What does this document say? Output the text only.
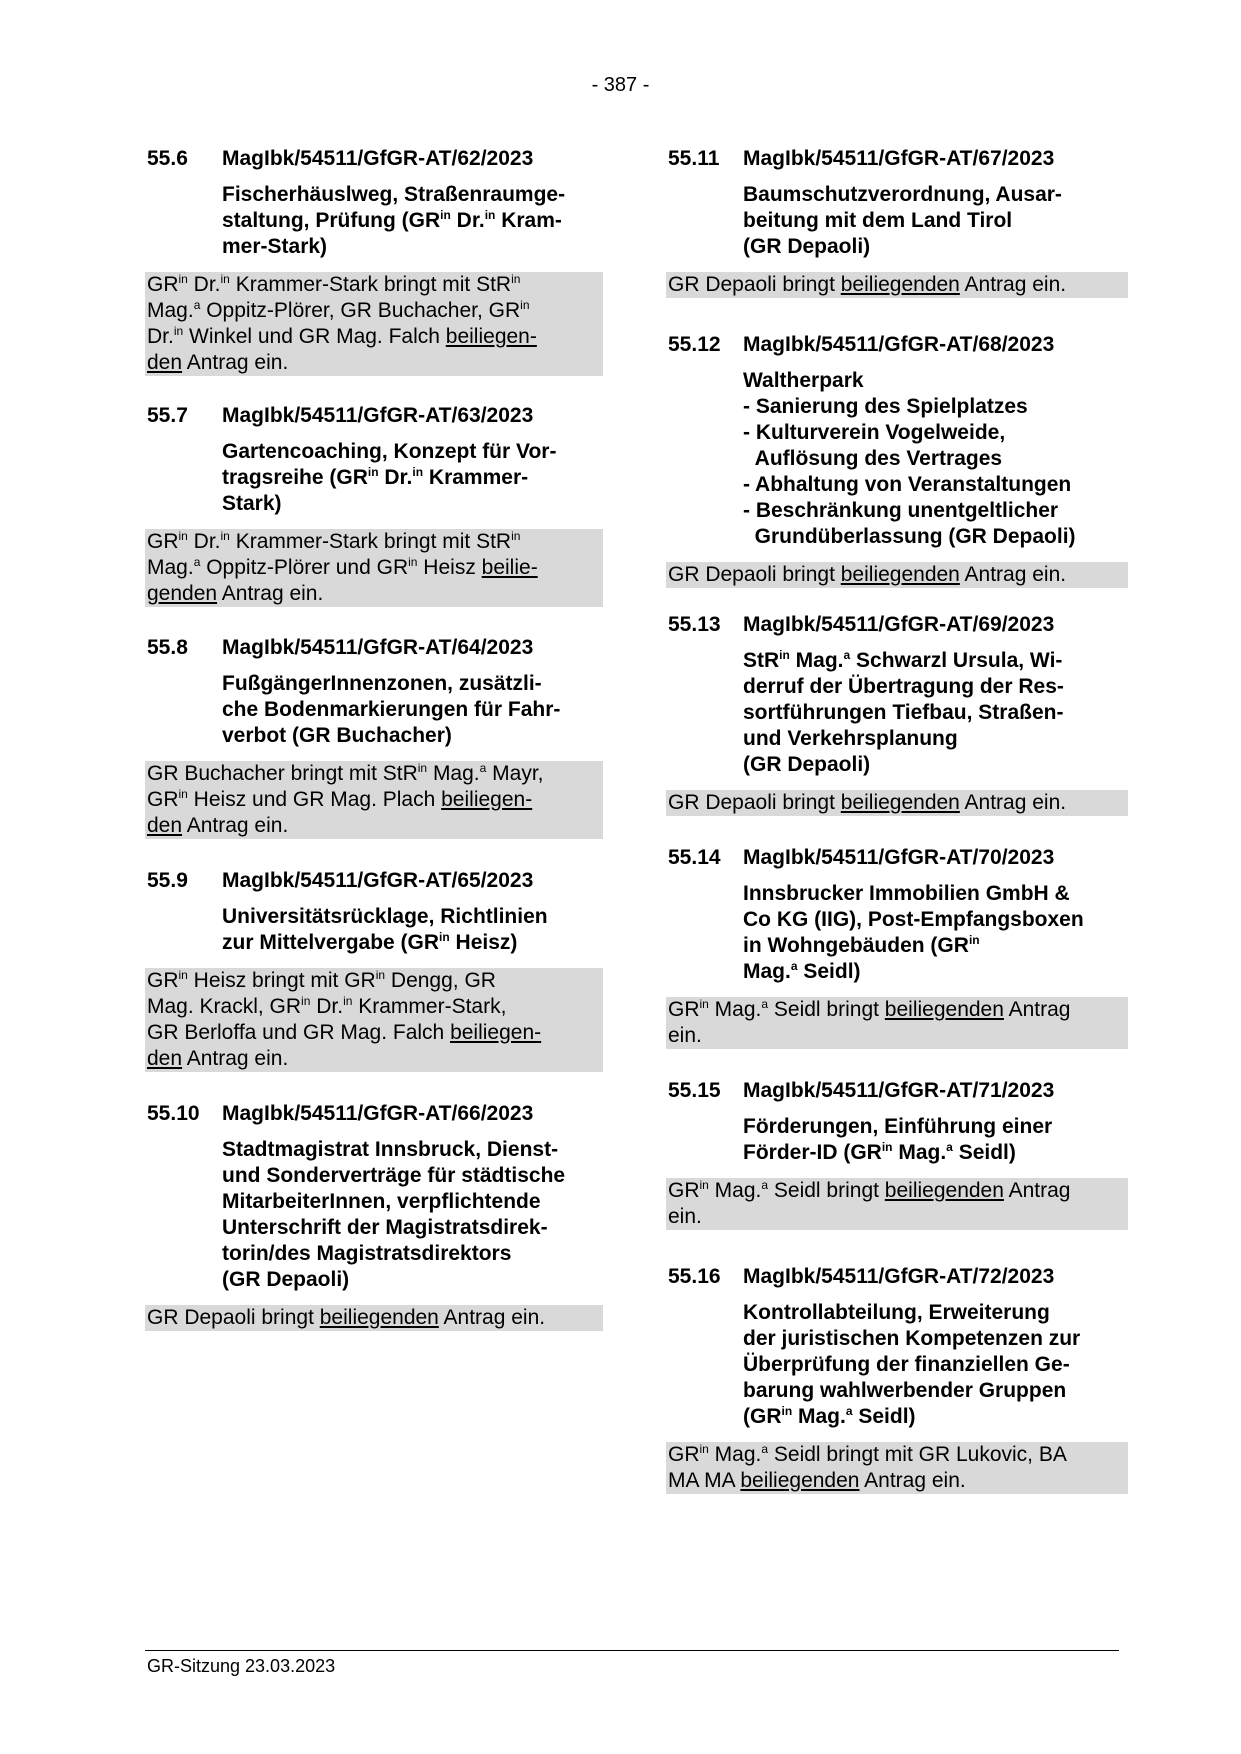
- 387 -
55.6	MagIbk/54511/GfGR-AT/62/2023
Fischerhäuslweg, Straßenraumge-
staltung, Prüfung ($GR^{in}$ Dr.$^{in}$ Kram-
mer-Stark)
$GR^{in}$ Dr.$^{in}$ Krammer-Stark bringt mit StR$^{in}$
Mag.$^a$ Oppitz-Plörer, GR Buchacher, $GR^{in}$
Dr.$^{in}$ Winkel und GR Mag. Falch beiliegen-
den Antrag ein.
55.7	MagIbk/54511/GfGR-AT/63/2023
Gartencoaching, Konzept für Vor-
tragsreihe ($GR^{in}$ Dr.$^{in}$ Krammer-
Stark)
$GR^{in}$ Dr.$^{in}$ Krammer-Stark bringt mit StR$^{in}$
Mag.$^a$ Oppitz-Plörer und $GR^{in}$ Heisz beilie-
genden Antrag ein.
55.8	MagIbk/54511/GfGR-AT/64/2023
FußgängerInnenzonen, zusätzli-
che Bodenmarkierungen für Fahr-
verbot (GR Buchacher)
GR Buchacher bringt mit StR$^{in}$ Mag.$^a$ Mayr,
$GR^{in}$ Heisz und GR Mag. Plach beiliegen-
den Antrag ein.
55.9	MagIbk/54511/GfGR-AT/65/2023
Universitätsrücklage, Richtlinien
zur Mittelvergabe ($GR^{in}$ Heisz)
$GR^{in}$ Heisz bringt mit $GR^{in}$ Dengg, GR
Mag. Krackl, $GR^{in}$ Dr.$^{in}$ Krammer-Stark,
GR Berloffa und GR Mag. Falch beiliegen-
den Antrag ein.
55.10	MagIbk/54511/GfGR-AT/66/2023
Stadtmagistrat Innsbruck, Dienst-
und Sonderverträge für städtische
MitarbeiterInnen, verpflichtende
Unterschrift der Magistratsdirek-
torin/des Magistratsdirektors
(GR Depaoli)
GR Depaoli bringt beiliegenden Antrag ein.
55.11	MagIbk/54511/GfGR-AT/67/2023
Baumschutzverordnung, Ausar-
beitung mit dem Land Tirol
(GR Depaoli)
GR Depaoli bringt beiliegenden Antrag ein.
55.12	MagIbk/54511/GfGR-AT/68/2023
Waltherpark
- Sanierung des Spielplatzes
- Kulturverein Vogelweide,
Auflösung des Vertrages
- Abhaltung von Veranstaltungen
- Beschränkung unentgeltlicher
Grundüberlassung (GR Depaoli)
GR Depaoli bringt beiliegenden Antrag ein.
55.13	MagIbk/54511/GfGR-AT/69/2023
StR$^{in}$ Mag.$^a$ Schwarzl Ursula, Wi-
derruf der Übertragung der Res-
sortführungen Tiefbau, Straßen-
und Verkehrsplanung
(GR Depaoli)
GR Depaoli bringt beiliegenden Antrag ein.
55.14	MagIbk/54511/GfGR-AT/70/2023
Innsbrucker Immobilien GmbH &
Co KG (IIG), Post-Empfangsboxen
in Wohngebäuden ($GR^{in}$
Mag.$^a$ Seidl)
$GR^{in}$ Mag.$^a$ Seidl bringt beiliegenden Antrag
ein.
55.15	MagIbk/54511/GfGR-AT/71/2023
Förderungen, Einführung einer
Förder-ID ($GR^{in}$ Mag.$^a$ Seidl)
$GR^{in}$ Mag.$^a$ Seidl bringt beiliegenden Antrag
ein.
55.16	MagIbk/54511/GfGR-AT/72/2023
Kontrollabteilung, Erweiterung
der juristischen Kompetenzen zur
Überprüfung der finanziellen Ge-
barung wahlwerbender Gruppen
($GR^{in}$ Mag.$^a$ Seidl)
$GR^{in}$ Mag.$^a$ Seidl bringt mit GR Lukovic, BA
MA MA beiliegenden Antrag ein.
GR-Sitzung 23.03.2023
